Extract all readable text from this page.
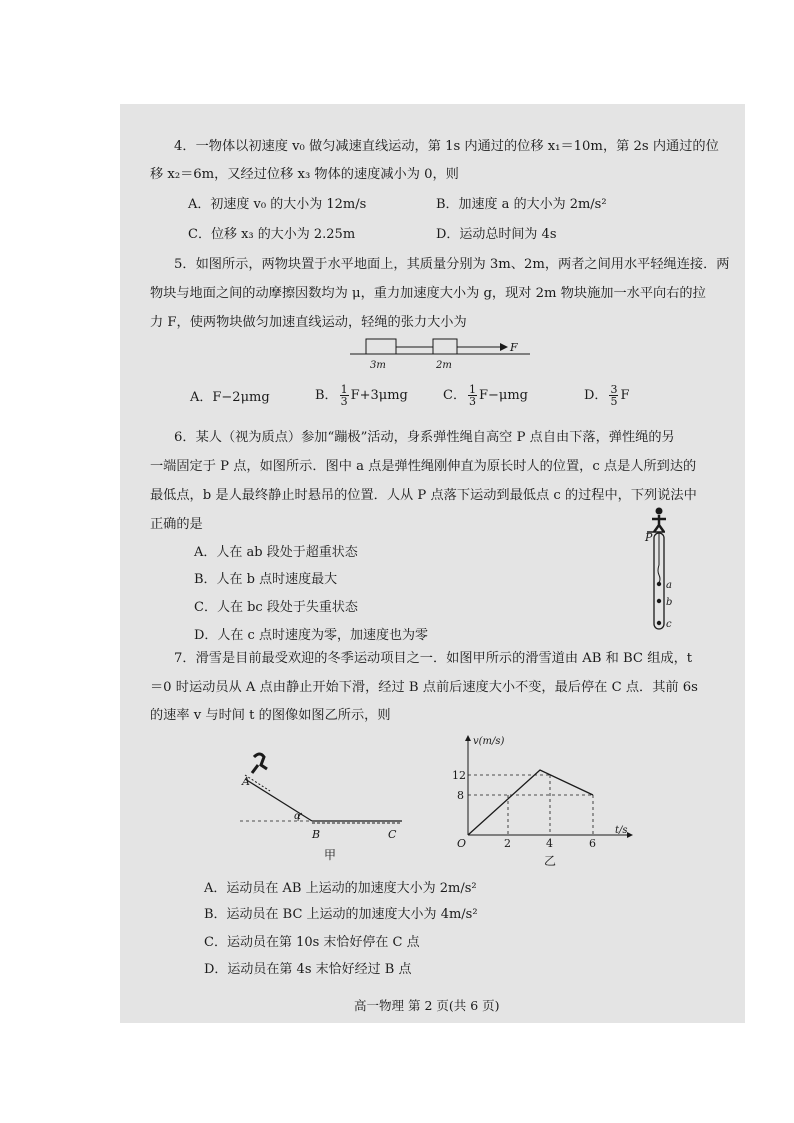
4．一物体以初速度 v₀ 做匀减速直线运动，第 1s 内通过的位移 x₁＝10m，第 2s 内通过的位
移 x₂＝6m，又经过位移 x₃ 物体的速度减小为 0，则
A．初速度 v₀ 的大小为 12m/s	B．加速度 a 的大小为 2m/s²
C．位移 x₃ 的大小为 2.25m	D．运动总时间为 4s
5．如图所示，两物块置于水平地面上，其质量分别为 3m、2m，两者之间用水平轻绳连接．两
物块与地面之间的动摩擦因数均为 μ，重力加速度大小为 g，现对 2m 物块施加一水平向右的拉
力 F，使两物块做匀加速直线运动，轻绳的张力大小为
F
3m	2m
A．F−2μmg	B． $\frac{1}{3} F+3\mu mg$	C． $\frac{1}{3} F-\mu mg$	D． $\frac{3}{5}$ F
6．某人（视为质点）参加“蹦极”活动，身系弹性绳自高空 P 点自由下落，弹性绳的另
一端固定于 P 点，如图所示．图中 a 点是弹性绳刚伸直为原长时人的位置，c 点是人所到达的
最低点，b 是人最终静止时悬吊的位置．人从 P 点落下运动到最低点 c 的过程中，下列说法中
正确的是
A．人在 ab 段处于超重状态
B．人在 b 点时速度最大
C．人在 bc 段处于失重状态
D．人在 c 点时速度为零，加速度也为零
P
a
b
c
7．滑雪是目前最受欢迎的冬季运动项目之一．如图甲所示的滑雪道由 AB 和 BC 组成，t
＝0 时运动员从 A 点由静止开始下滑，经过 B 点前后速度大小不变，最后停在 C 点．其前 6s
的速率 v 与时间 t 的图像如图乙所示，则
A
α
B	C
甲
v(m/s)
t/s
O
12
8
2	4	6
乙
A．运动员在 AB 上运动的加速度大小为 2m/s²
B．运动员在 BC 上运动的加速度大小为 4m/s²
C．运动员在第 10s 末恰好停在 C 点
D．运动员在第 4s 末恰好经过 B 点
高一物理 第 2 页(共 6 页)
